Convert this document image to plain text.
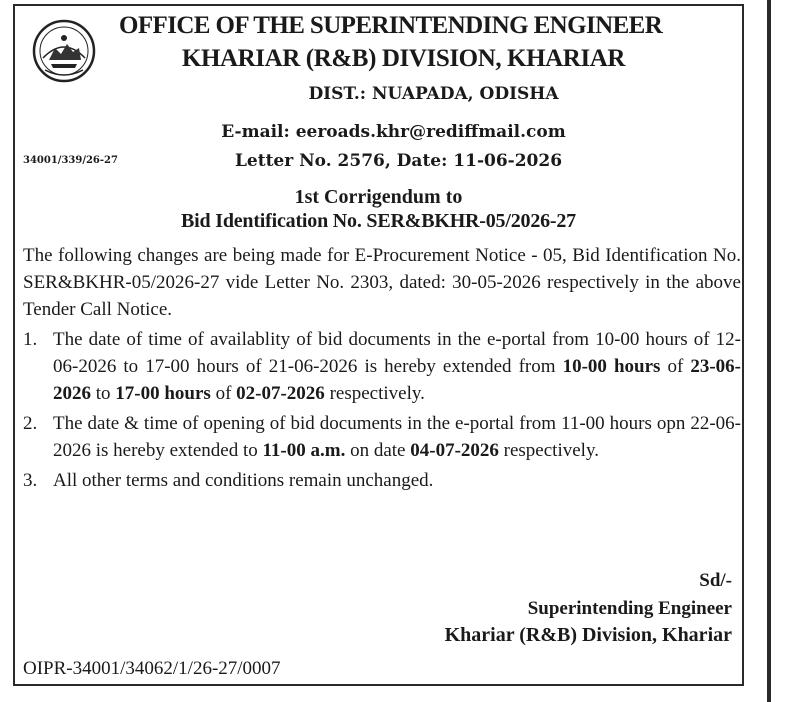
OFFICE OF THE SUPERINTENDING ENGINEER
KHARIAR (R&B) DIVISION, KHARIAR
DIST.: NUAPADA, ODISHA
E-mail: eeroads.khr@rediffmail.com
34001/339/26-27	Letter No. 2576, Date: 11-06-2026
1st Corrigendum to
Bid Identification No. SER&BKHR-05/2026-27
The following changes are being made for E-Procurement Notice - 05, Bid Identification No. SER&BKHR-05/2026-27 vide Letter No. 2303, dated: 30-05-2026 respectively in the above Tender Call Notice.
1. The date of time of availablity of bid documents in the e-portal from 10-00 hours of 12-06-2026 to 17-00 hours of 21-06-2026 is hereby extended from 10-00 hours of 23-06-2026 to 17-00 hours of 02-07-2026 respectively.
2. The date & time of opening of bid documents in the e-portal from 11-00 hours opn 22-06-2026 is hereby extended to 11-00 a.m. on date 04-07-2026 respectively.
3. All other terms and conditions remain unchanged.
Sd/-
Superintending Engineer
Khariar (R&B) Division, Khariar
OIPR-34001/34062/1/26-27/0007
